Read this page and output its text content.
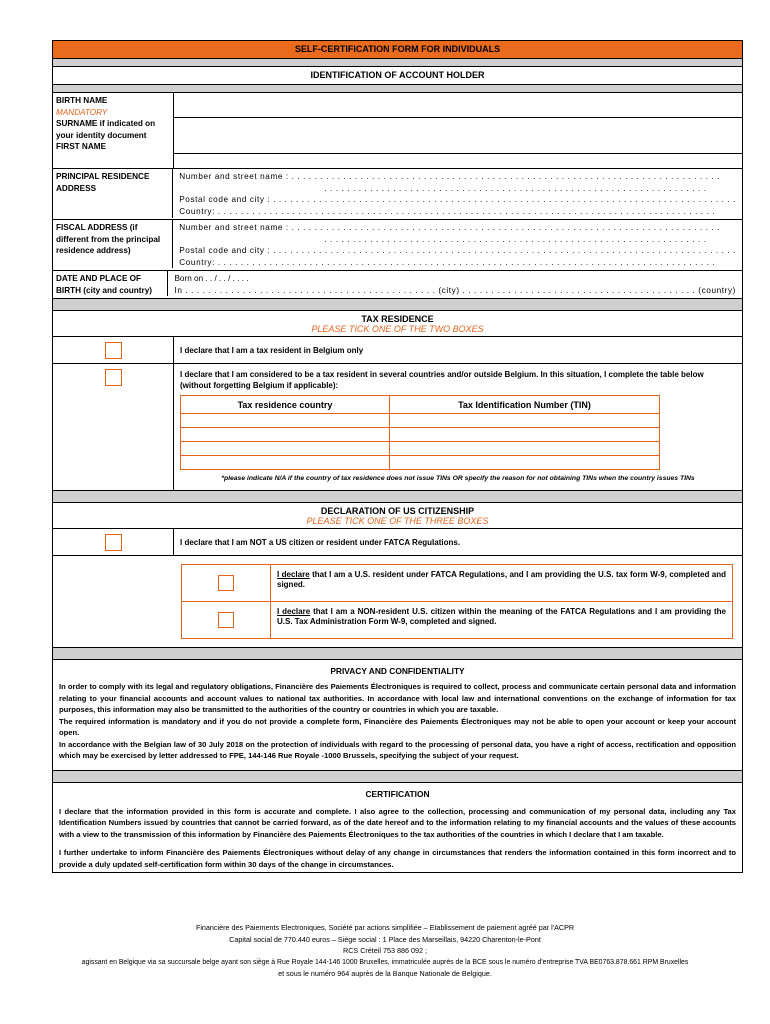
SELF-CERTIFICATION FORM FOR INDIVIDUALS
IDENTIFICATION OF ACCOUNT HOLDER
BIRTH NAME
MANDATORY
SURNAME if indicated on your identity document
FIRST NAME
PRINCIPAL RESIDENCE ADDRESS
Number and street name : . . . . . . . . . . . . . . . . . . . . . . . . . . . . . . . . . . . . . . . . . . . . . . . . . . . . . . . . . . . . . . . . . . . . . . . . . . .
. . . . . . . . . . . . . . . . . . . . . . . . . . . . . . . . . . . . . . . . . . . . . . . . . . . . . . . . . . . . . . . . . . .
Postal code and city : . . . . . . . . . . . . . . . . . . . . . . . . . . . . . . . . . . . . . . . . . . . . . . . . . . . . . . . . . . . . . . . . . . . . . . . . . . . . . . . . .
Country: . . . . . . . . . . . . . . . . . . . . . . . . . . . . . . . . . . . . . . . . . . . . . . . . . . . . . . . . . . . . . . . . . . . . . . . . . . . . . . . . . . . . . . .
FISCAL ADDRESS (if different from the principal residence address)
Number and street name : . . . . . . . . . . . . . . . . . . . . . . . . . . . . . . . . . . . . . . . . . . . . . . . . . . . . . . . . . . . . . . . . . . . . . . . . . . .
. . . . . . . . . . . . . . . . . . . . . . . . . . . . . . . . . . . . . . . . . . . . . . . . . . . . . . . . . . . . . . . . . . .
Postal code and city : . . . . . . . . . . . . . . . . . . . . . . . . . . . . . . . . . . . . . . . . . . . . . . . . . . . . . . . . . . . . . . . . . . . . . . . . . . . . . . . . .
Country: . . . . . . . . . . . . . . . . . . . . . . . . . . . . . . . . . . . . . . . . . . . . . . . . . . . . . . . . . . . . . . . . . . . . . . . . . . . . . . . . . . . . . . .
DATE AND PLACE OF BIRTH (city and country)
Born on . . / . . / . . . .
In . . . . . . . . . . . . . . . . . . . . . . . . . . . . . . . . . . . . . . . . . . . . (city) . . . . . . . . . . . . . . . . . . . . . . . . . . . . . . . . . . . . . . . . . (country)
TAX RESIDENCE
PLEASE TICK ONE OF THE TWO BOXES
I declare that I am a tax resident in Belgium only
I declare that I am considered to be a tax resident in several countries and/or outside Belgium. In this situation, I complete the table below (without forgetting Belgium if applicable):
Tax residence country	Tax Identification Number (TIN)

*please indicate N/A if the country of tax residence does not issue TINs OR specify the reason for not obtaining TINs when the country issues TINs
DECLARATION OF US CITIZENSHIP
PLEASE TICK ONE OF THE THREE BOXES
I declare that I am NOT a US citizen or resident under FATCA Regulations.
I declare that I am a U.S. resident under FATCA Regulations, and I am providing the U.S. tax form W-9, completed and signed.
I declare that I am a NON-resident U.S. citizen within the meaning of the FATCA Regulations and I am providing the U.S. Tax Administration Form W-9, completed and signed.
PRIVACY AND CONFIDENTIALITY
In order to comply with its legal and regulatory obligations, Financière des Paiements Électroniques is required to collect, process and communicate certain personal data and information relating to your financial accounts and account values to national tax authorities. In accordance with local law and international conventions on the exchange of information for tax purposes, this information may also be transmitted to the authorities of the country or countries in which you are taxable.
The required information is mandatory and if you do not provide a complete form, Financière des Paiements Électroniques may not be able to open your account or keep your account open.
In accordance with the Belgian law of 30 July 2018 on the protection of individuals with regard to the processing of personal data, you have a right of access, rectification and opposition which may be exercised by letter addressed to FPE, 144-146 Rue Royale -1000 Brussels, specifying the subject of your request.
CERTIFICATION
I declare that the information provided in this form is accurate and complete. I also agree to the collection, processing and communication of my personal data, including any Tax Identification Numbers issued by countries that cannot be carried forward, as of the date hereof and to the information relating to my financial accounts and the values of these accounts with a view to the transmission of this information by Financière des Paiements Électroniques to the tax authorities of the countries in which I declare that I am taxable.
I further undertake to inform Financière des Paiements Électroniques without delay of any change in circumstances that renders the information contained in this form incorrect and to provide a duly updated self-certification form within 30 days of the change in circumstances.
Financière des Paiements Electroniques, Société par actions simplifiée – Etablissement de paiement agréé par l'ACPR
Capital social de 770.440 euros – Siège social : 1 Place des Marseillais, 94220 Charenton-le-Pont
RCS Créteil 753 886 092 ;
agissant en Belgique via sa succursale belge ayant son siège à Rue Royale 144-146 1000 Bruxelles, immatriculée auprès de la BCE sous le numéro d'entreprise TVA BE0763.878.661 RPM Bruxelles
et sous le numéro 964 auprès de la Banque Nationale de Belgique.
